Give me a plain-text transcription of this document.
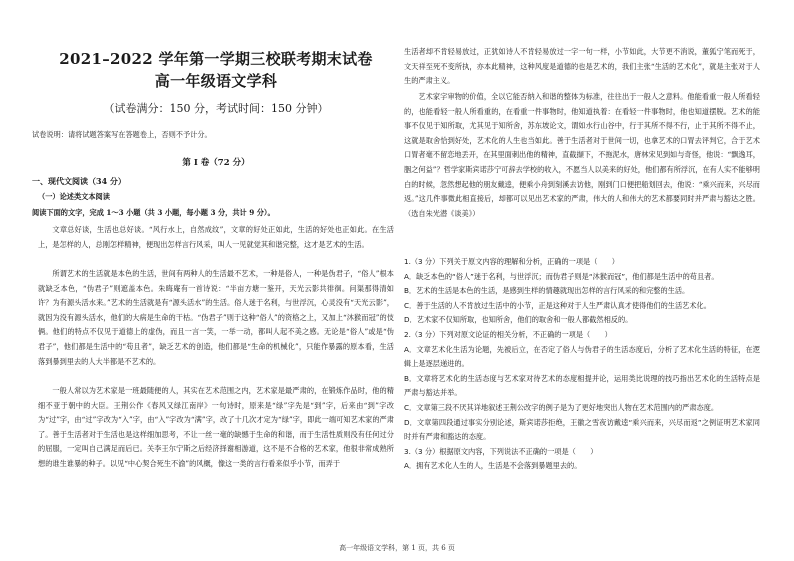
2021–2022 学年第一学期三校联考期末试卷
高一年级语文学科
（试卷满分：150 分，考试时间：150 分钟）
试卷说明：请将试题答案写在答题卷上，否则不予计分。
第 I 卷（72 分）
一、现代文阅读（34 分）
（一）论述类文本阅读
阅读下面的文字，完成 1～3 小题（共 3 小题，每小题 3 分，共计 9 分）。
文章总好谈，生活也总好谈。“风行水上，自然成纹”，文章的好处正如此，生活的好处也正如此。在生活上，是怎样的人，总刚怎样精神，便现出怎样言行风采，叫人一见就觉其和谐完整，这才是艺术的生活。
所谓艺术的生活就是本色的生活，世间有两种人的生活最不艺术，一种是俗人，一种是伪君子，“俗人”根本就缺乏本色，“伪君子”则遮盖本色。朱晦庵有一首诗说：“半亩方塘一鉴开，天光云影共徘徊。问渠那得清如许？为有源头活水来。”艺术的生活就是有“源头活水”的生活。俗人迷于名利，与世浮沉，心灵没有“天光云影”，就因为没有源头活水，他们的大病是生命的干枯。“伪君子”则于这种“俗人”的资格之上，又加上“沐猴而冠”的伎俩。他们的特点不仅见于道德上的虚伪，而且一言一笑，一举一动，都叫人起不美之感。无论是“俗人”或是“伪君子”，他们都是生活中的“苟且者”，缺乏艺术的创造，他们都是“生命的机械化”，只能作暴露的原本看，生活落到暴到里去的人大半都是不艺术的。
一般人常以为艺术家是一班最随便的人，其实在艺术范围之内，艺术家是最严肃的，在锻炼作品时，他的精细不亚于朝中的大臣。王荆公作《春风又绿江南岸》一句诗时，原来是“绿”字先是“到”字，后来由“到”字改为“过”字，由“过”字改为“入”字，由“入”字改为“满”字，改了十几次才定为“绿”字，即此一端可知艺术家的严肃了。善于生活者对于生活也是这样细加思考，不让一丝一毫的缺憾于生命的和谐，而于生活性质则没有任何过分的屈服，一定叫自己满足而后已。关李王尔宁斯之后经济择谢相游道，这不是不合格的艺术家，他很非常成熟所想的谁生谁暴的种子。以见“中心契合死生不渝”的风概，像这一类的言行看来似乎小节，而弄于
生活者却不肯轻易放过，正犹如诗人不肯轻易放过一字一句一样，小节如此，大节更不消说，董狐宁笔而死于，文天祥至死不变所执，亦本此精神，这种风度是道德的也是艺术的，我们主张“生活的艺术化”，就是主张对于人生的严肃主义。
艺术家字审物的价值，全以它能否纳入和谐的整体为标准，往往出于一般人之意料。他能看重一般人所看轻的，也能看轻一般人所看重的，在看重一件事物时，他知道执着：在看轻一件事物时，他也知道摆脱。艺术的能事不仅见于知所取，尤其见于知所舍，苏东坡论文，谓如水行山谷中，行于其所不得不行，止于其所不得不止，这就是取舍恰到好处，艺术化的人生也当如此。善于生活者对于世间一切，也拿艺术的口胃去评判它，合于艺术口胃者毫不留恋地丢开，在其里面刺出他的精神，直截撷下，不拖泥水，唐林宋见到如与奇怪，他说：“飘逸耳，胭之何益”？哲学家斯宾诺莎宁可辞去学校的收入，不愿当人以美来的好处，他们都有所浮沉，在有人实不能够明白的时候，忽然想起他的朋友戴逵，便乘小舟到刻溪去访他，刚到门口便把船划回去，他说：“乘兴而来，兴尽而返。”这几件事微此相直接后，却都可以见出艺术家的严肃，伟大的人和伟大的艺术都要同时并严肃与豁达之胜。（选自朱光潜《谈美》）
1.（3 分）下列关于原文内容的理解和分析，正确的一项是（　　）
A．缺乏本色的“俗人”迷于名利，与世浮沉；而伪君子则是“沐猴而冠”，他们都是生活中的苟且者。
B．艺术的生活是本色的生活，是感到生样的情趣就现出怎样的言行风采的和完整的生活。
C．善于生活的人不肯放过生活中的小节，正是这种对于人生严肃认真才使得他们的生活艺术化。
D．艺术家不仅知所取，也知所舍，他们的取舍和一般人都截然相反的。
2.（3 分）下列对原文论证的相关分析，不正确的一项是（　　）
A．文章艺术化生活为论题，先被后立，在否定了俗人与伪君子的生活态度后，分析了艺术化生活的特征，在逻辑上是逐层递进的。
B．文章将艺术化的生活态度与艺术家对待艺术的态度相提并论，运用类比说理的技巧指出艺术化的生活特点是严肃与豁达并举。
C．文章第三段不厌其详地叙述王荆公改字的例子是为了更好地突出人物在艺术范围内的严肃态度。
D．文章第四段通过事实分别论述，斯宾诺莎拒绝，王徽之雪夜访戴逵“乘兴而来，兴尽而返”之例证明艺术家同时并有严肃和豁达的态度。
3.（3 分）根据原文内容，下列说法不正确的一项是（　　）
A．拥有艺术化人生的人，生活是不会落到暴题里去的。
高一年级语文学科，第 1 页，共 6 页
